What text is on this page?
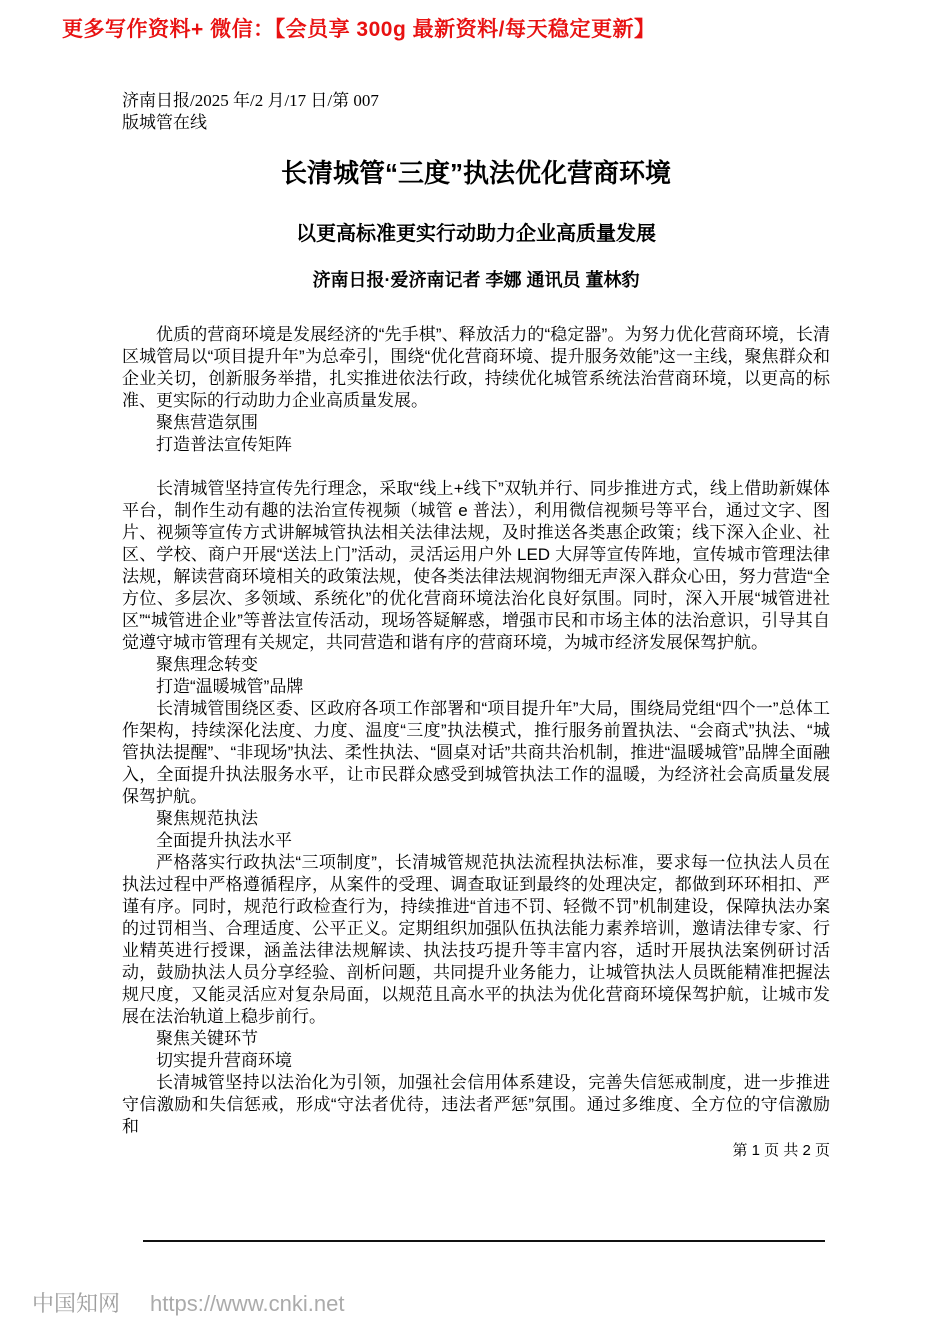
更多写作资料+ 微信：【会员享 300g 最新资料/每天稳定更新】
济南日报/2025 年/2 月/17 日/第 007
版城管在线
长清城管“三度”执法优化营商环境
以更高标准更实行动助力企业高质量发展
济南日报·爱济南记者 李娜 通讯员 董林豹

优质的营商环境是发展经济的“先手棋”、释放活力的“稳定器”。为努力优化营商环境，长清区城管局以“项目提升年”为总牵引，围绕“优化营商环境、提升服务效能”这一主线，聚焦群众和企业关切，创新服务举措，扎实推进依法行政，持续优化城管系统法治营商环境，以更高的标准、更实际的行动助力企业高质量发展。

聚焦营造氛围

打造普法宣传矩阵

长清城管坚持宣传先行理念，采取“线上+线下”双轨并行、同步推进方式，线上借助新媒体平台，制作生动有趣的法治宣传视频（城管 e 普法），利用微信视频号等平台，通过文字、图片、视频等宣传方式讲解城管执法相关法律法规，及时推送各类惠企政策；线下深入企业、社区、学校、商户开展“送法上门”活动，灵活运用户外 LED 大屏等宣传阵地，宣传城市管理法律法规，解读营商环境相关的政策法规，使各类法律法规润物细无声深入群众心田，努力营造“全方位、多层次、多领域、系统化”的优化营商环境法治化良好氛围。同时，深入开展“城管进社区”“城管进企业”等普法宣传活动，现场答疑解惑，增强市民和市场主体的法治意识，引导其自觉遵守城市管理有关规定，共同营造和谐有序的营商环境，为城市经济发展保驾护航。

聚焦理念转变

打造“温暖城管”品牌

长清城管围绕区委、区政府各项工作部署和“项目提升年”大局，围绕局党组“四个一”总体工作架构，持续深化法度、力度、温度“三度”执法模式，推行服务前置执法、“会商式”执法、“城管执法提醒”、“非现场”执法、柔性执法、“圆桌对话”共商共治机制，推进“温暖城管”品牌全面融入，全面提升执法服务水平，让市民群众感受到城管执法工作的温暖，为经济社会高质量发展保驾护航。

聚焦规范执法

全面提升执法水平

严格落实行政执法“三项制度”，长清城管规范执法流程执法标准，要求每一位执法人员在执法过程中严格遵循程序，从案件的受理、调查取证到最终的处理决定，都做到环环相扣、严谨有序。同时，规范行政检查行为，持续推进“首违不罚、轻微不罚”机制建设，保障执法办案的过罚相当、合理适度、公平正义。定期组织加强队伍执法能力素养培训，邀请法律专家、行业精英进行授课，涵盖法律法规解读、执法技巧提升等丰富内容，适时开展执法案例研讨活动，鼓励执法人员分享经验、剖析问题，共同提升业务能力，让城管执法人员既能精准把握法规尺度，又能灵活应对复杂局面，以规范且高水平的执法为优化营商环境保驾护航，让城市发展在法治轨道上稳步前行。

聚焦关键环节

切实提升营商环境

长清城管坚持以法治化为引领，加强社会信用体系建设，完善失信惩戒制度，进一步推进守信激励和失信惩戒，形成“守法者优待，违法者严惩”氛围。通过多维度、全方位的守信激励和

第 1 页 共 2 页
中国知网 https://www.cnki.net
